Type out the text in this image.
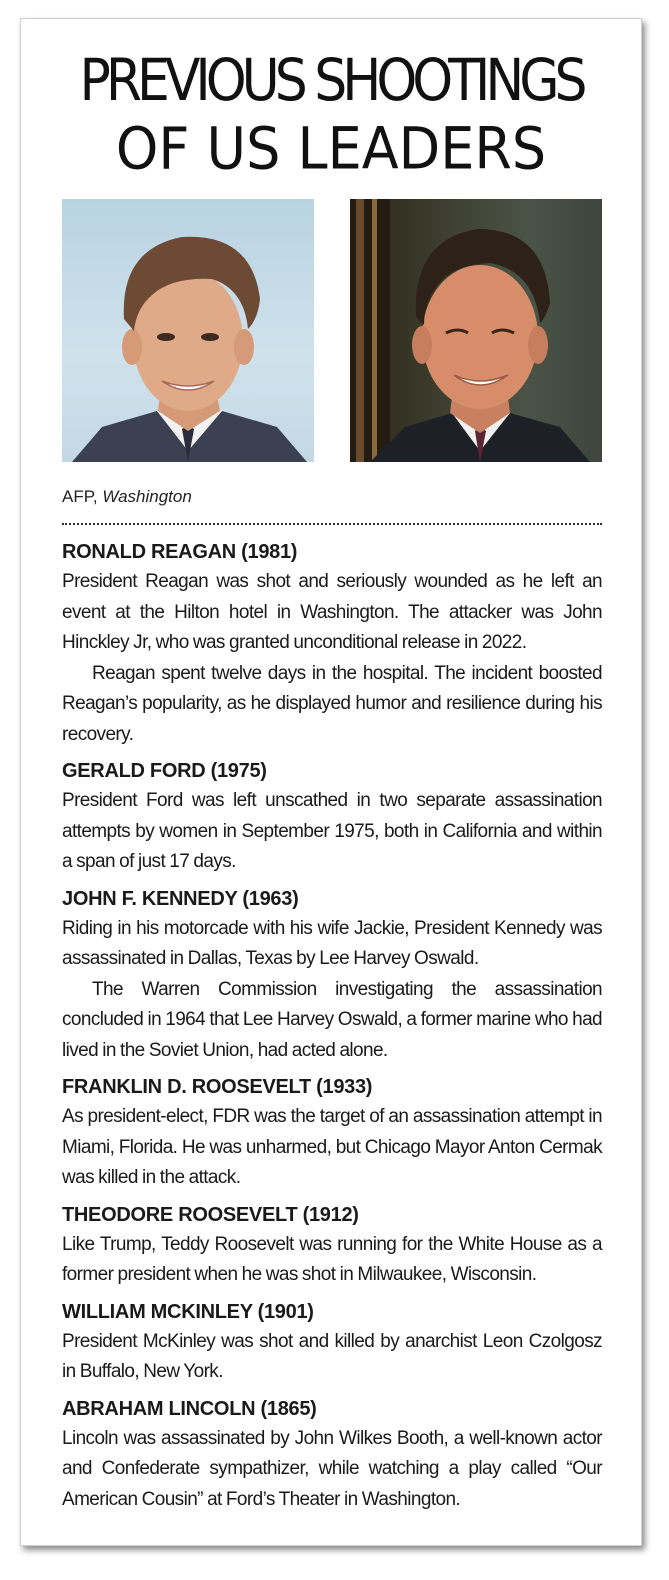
PREVIOUS SHOOTINGS
OF US LEADERS
AFP, Washington
RONALD REAGAN (1981)

President Reagan was shot and seriously wounded as he left an event at the Hilton hotel in Washington. The attacker was John Hinckley Jr, who was granted unconditional release in 2022.

Reagan spent twelve days in the hospital. The incident boosted Reagan’s popularity, as he displayed humor and resilience during his recovery.

GERALD FORD (1975)

President Ford was left unscathed in two separate assassination attempts by women in September 1975, both in California and within a span of just 17 days.

JOHN F. KENNEDY (1963)

Riding in his motorcade with his wife Jackie, President Kennedy was assassinated in Dallas, Texas by Lee Harvey Oswald.

The Warren Commission investigating the assassination concluded in 1964 that Lee Harvey Oswald, a former marine who had lived in the Soviet Union, had acted alone.

FRANKLIN D. ROOSEVELT (1933)

As president-elect, FDR was the target of an assassination attempt in Miami, Florida. He was unharmed, but Chicago Mayor Anton Cermak was killed in the attack.

THEODORE ROOSEVELT (1912)

Like Trump, Teddy Roosevelt was running for the White House as a former president when he was shot in Milwaukee, Wisconsin.

WILLIAM MCKINLEY (1901)

President McKinley was shot and killed by anarchist Leon Czolgosz in Buffalo, New York.

ABRAHAM LINCOLN (1865)

Lincoln was assassinated by John Wilkes Booth, a well-known actor and Confederate sympathizer, while watching a play called “Our American Cousin” at Ford’s Theater in Washington.
